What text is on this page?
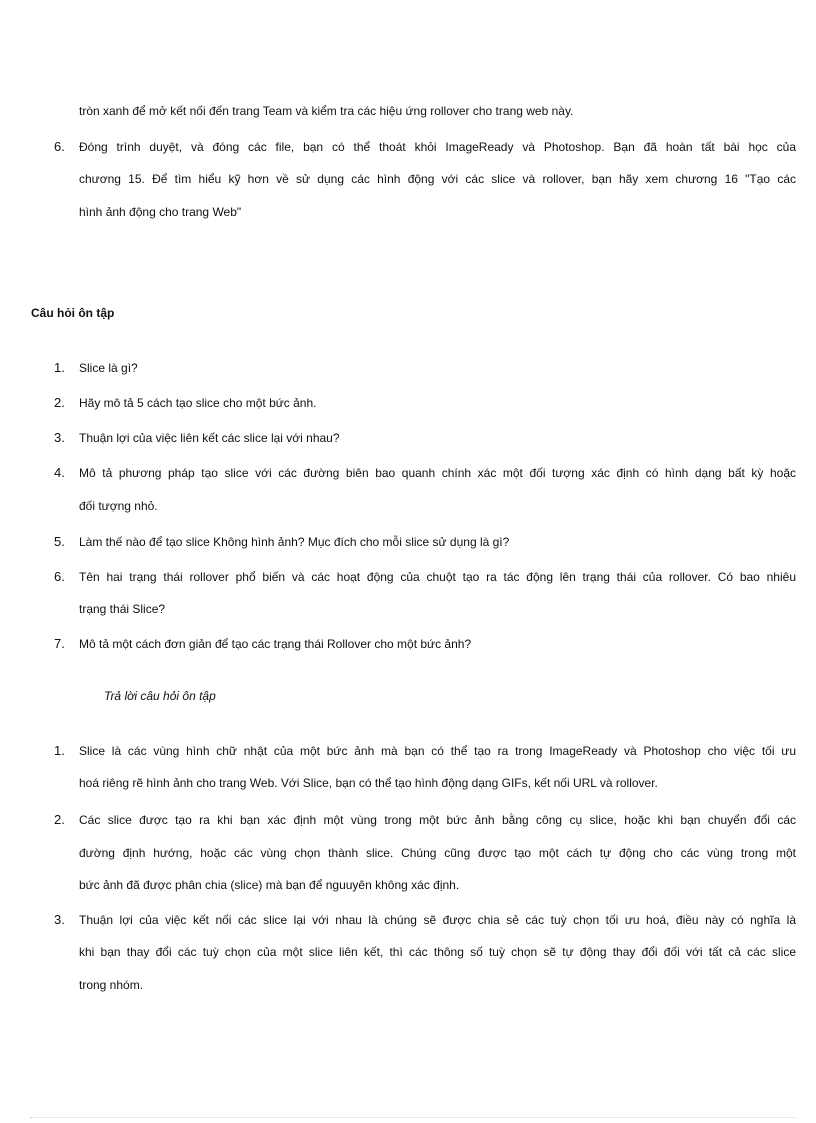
tròn xanh để mở kết nối đến trang Team và kiểm tra các hiệu ứng rollover cho trang web này.
6. Đóng trình duyệt, và đóng các file, bạn có thể thoát khỏi ImageReady và Photoshop. Bạn đã hoàn tất bài học của
chương 15. Để tìm hiểu kỹ hơn về sử dụng các hình động với các slice và rollover, bạn hãy xem chương 16 "Tạo các
hình ảnh động cho trang Web"
Câu hỏi ôn tập
1. Slice là gì?
2. Hãy mô tả 5 cách tạo slice cho một bức ảnh.
3. Thuận lợi của việc liên kết các slice lại với nhau?
4. Mô tả phương pháp tạo slice với các đường biên bao quanh chính xác một đối tượng xác định có hình dạng bất kỳ hoặc
đối tượng nhỏ.
5. Làm thế nào để tạo slice Không hình ảnh? Mục đích cho mỗi slice sử dụng là gì?
6. Tên hai trạng thái rollover phổ biến và các hoạt động của chuột tạo ra tác động lên trạng thái của rollover. Có bao nhiêu
trạng thái Slice?
7. Mô tả một cách đơn giản để tạo các trạng thái Rollover cho một bức ảnh?
Trả lời câu hỏi ôn tập
1. Slice là các vùng hình chữ nhật của một bức ảnh mà bạn có thể tạo ra trong ImageReady và Photoshop cho việc tối ưu
hoá riêng rẽ hình ảnh cho trang Web. Với Slice, bạn có thể tạo hình động dạng GIFs, kết nối URL và rollover.
2. Các slice được tạo ra khi bạn xác định một vùng trong một bức ảnh bằng công cụ slice, hoặc khi bạn chuyển đổi các
đường định hướng, hoặc các vùng chọn thành slice. Chúng cũng được tạo một cách tự động cho các vùng trong một
bức ảnh đã được phân chia (slice) mà bạn để nguuyên không xác định.
3. Thuận lợi của việc kết nối các slice lại với nhau là chúng sẽ được chia sẻ các tuỳ chọn tối ưu hoá, điều này có nghĩa là
khi bạn thay đổi các tuỳ chọn của một slice liên kết, thì các thông số tuỳ chọn sẽ tự động thay đổi đối với tất cả các slice
trong nhóm.
